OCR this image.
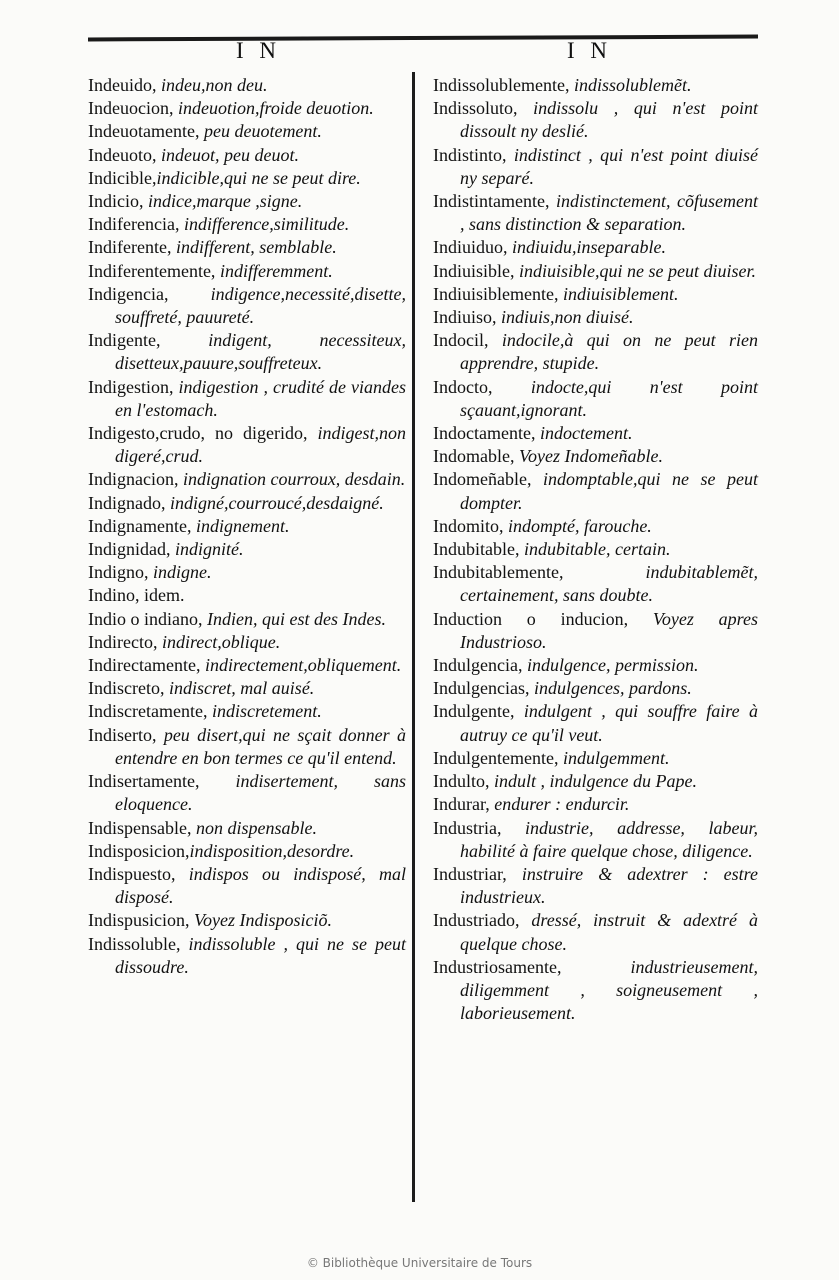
I N	I N

Indeuido, indeu,non deu.

Indeuocion, indeuotion,froide deuotion.

Indeuotamente, peu deuotement.

Indeuoto, indeuot, peu deuot.

Indicible,indicible,qui ne se peut dire.

Indicio, indice,marque ,signe.

Indiferencia, indifference,similitude.

Indiferente, indifferent, semblable.

Indiferentemente, indifferemment.

Indigencia, indigence,necessité,disette, souffreté, pauureté.

Indigente, indigent, necessiteux, disetteux,pauure,souffreteux.

Indigestion, indigestion , crudité de viandes en l'estomach.

Indigesto,crudo, no digerido, indigest,non digeré,crud.

Indignacion, indignation courroux, desdain.

Indignado, indigné,courroucé,desdaigné.

Indignamente, indignement.

Indignidad, indignité.

Indigno, indigne.

Indino, idem.

Indio o indiano, Indien, qui est des Indes.

Indirecto, indirect,oblique.

Indirectamente, indirectement,obliquement.

Indiscreto, indiscret, mal auisé.

Indiscretamente, indiscretement.

Indiserto, peu disert,qui ne sçait donner à entendre en bon termes ce qu'il entend.

Indisertamente, indisertement, sans eloquence.

Indispensable, non dispensable.

Indisposicion,indisposition,desordre.

Indispuesto, indispos ou indisposé, mal disposé.

Indispusicion, Voyez Indisposiciõ.

Indissoluble, indissoluble , qui ne se peut dissoudre.

Indissolublemente, indissolublemẽt.

Indissoluto, indissolu , qui n'est point dissoult ny deslié.

Indistinto, indistinct , qui n'est point diuisé ny separé.

Indistintamente, indistinctement, cõfusement , sans distinction & separation.

Indiuiduo, indiuidu,inseparable.

Indiuisible, indiuisible,qui ne se peut diuiser.

Indiuisiblemente, indiuisiblement.

Indiuiso, indiuis,non diuisé.

Indocil, indocile,à qui on ne peut rien apprendre, stupide.

Indocto, indocte,qui n'est point sçauant,ignorant.

Indoctamente, indoctement.

Indomable, Voyez Indomeñable.

Indomeñable, indomptable,qui ne se peut dompter.

Indomito, indompté, farouche.

Indubitable, indubitable, certain.

Indubitablemente, indubitablemẽt, certainement, sans doubte.

Induction o inducion, Voyez apres Industrioso.

Indulgencia, indulgence, permission.

Indulgencias, indulgences, pardons.

Indulgente, indulgent , qui souffre faire à autruy ce qu'il veut.

Indulgentemente, indulgemment.

Indulto, indult , indulgence du Pape.

Indurar, endurer : endurcir.

Industria, industrie, addresse, labeur, habilité à faire quelque chose, diligence.

Industriar, instruire & adextrer : estre industrieux.

Industriado, dressé, instruit & adextré à quelque chose.

Industriosamente, industrieusement, diligemment , soigneusement , laborieusement.

© Bibliothèque Universitaire de Tours
